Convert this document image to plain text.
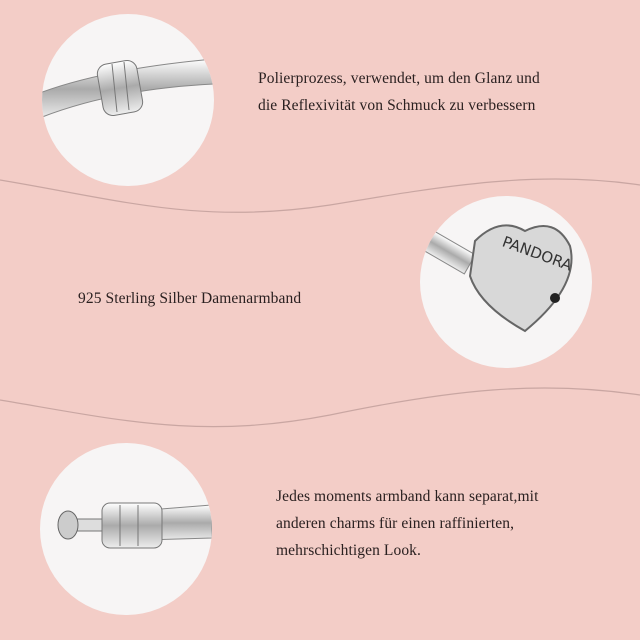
PANDORA
Polierprozess, verwendet, um den Glanz und
die Reflexivität von Schmuck zu verbessern
925 Sterling Silber Damenarmband
Jedes moments armband kann separat,mit
anderen charms für einen raffinierten,
mehrschichtigen Look.
